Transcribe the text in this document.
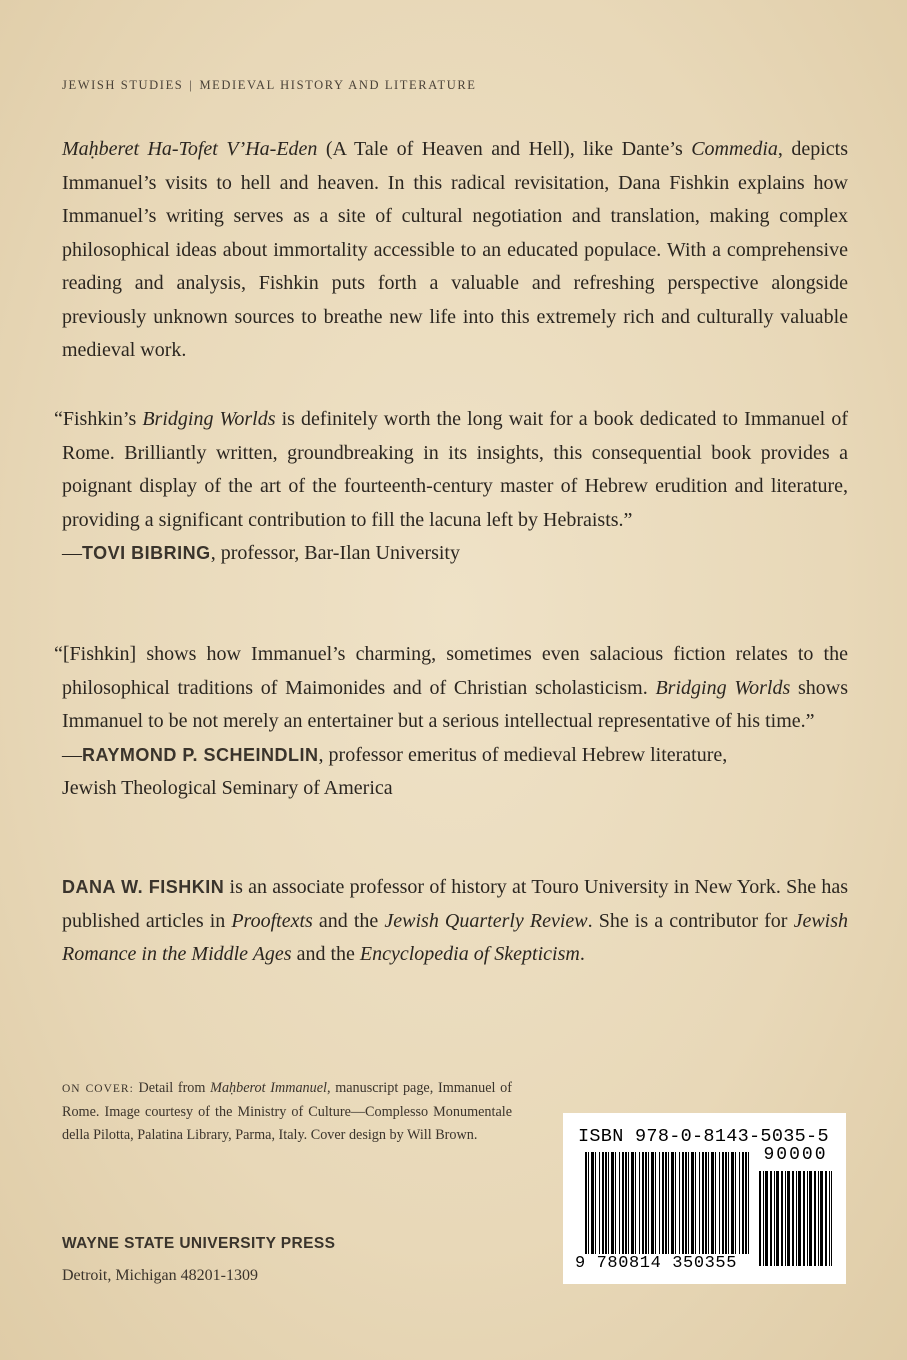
JEWISH STUDIES | MEDIEVAL HISTORY AND LITERATURE

Maḥberet Ha-Tofet V’Ha-Eden (A Tale of Heaven and Hell), like Dante’s Commedia, depicts Immanuel’s visits to hell and heaven. In this radical revisitation, Dana Fishkin explains how Immanuel’s writing serves as a site of cultural negotiation and translation, making complex philosophical ideas about immortality accessible to an educated populace. With a comprehensive reading and analysis, Fishkin puts forth a valuable and refreshing perspective alongside previously unknown sources to breathe new life into this extremely rich and culturally valuable medieval work.

“Fishkin’s Bridging Worlds is definitely worth the long wait for a book dedicated to Immanuel of Rome. Brilliantly written, groundbreaking in its insights, this consequential book provides a poignant display of the art of the fourteenth-century master of Hebrew erudition and literature, providing a significant contribution to fill the lacuna left by Hebraists.”

—TOVI BIBRING, professor, Bar-Ilan University

“[Fishkin] shows how Immanuel’s charming, sometimes even salacious fiction relates to the philosophical traditions of Maimonides and of Christian scholasticism. Bridging Worlds shows Immanuel to be not merely an entertainer but a serious intellectual representative of his time.”

—RAYMOND P. SCHEINDLIN, professor emeritus of medieval Hebrew literature,

Jewish Theological Seminary of America

DANA W. FISHKIN is an associate professor of history at Touro University in New York. She has published articles in Prooftexts and the Jewish Quarterly Review. She is a contributor for Jewish Romance in the Middle Ages and the Encyclopedia of Skepticism.

ON COVER: Detail from Maḥberot Immanuel, manuscript page, Immanuel of Rome. Image courtesy of the Ministry of Culture—Complesso Monumentale della Pilotta, Palatina Library, Parma, Italy. Cover design by Will Brown.
WAYNE STATE UNIVERSITY PRESS
Detroit, Michigan 48201-1309
ISBN 978-0-8143-5035-5
90000
9 780814 350355
